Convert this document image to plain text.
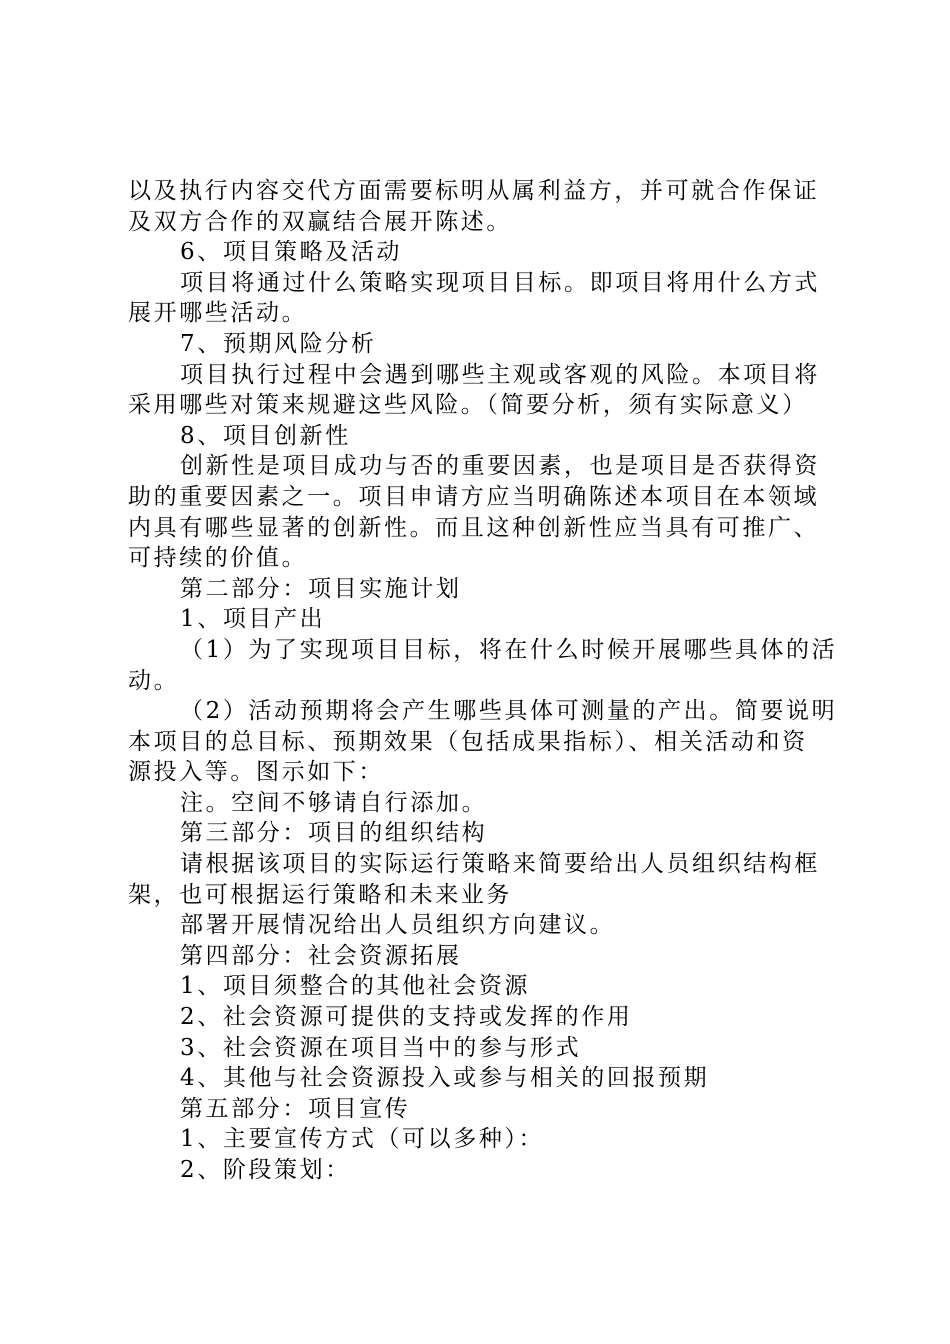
以及执行内容交代方面需要标明从属利益方，并可就合作保证
及双方合作的双赢结合展开陈述。
6、项目策略及活动
项目将通过什么策略实现项目目标。即项目将用什么方式
展开哪些活动。
7、预期风险分析
项目执行过程中会遇到哪些主观或客观的风险。本项目将
采用哪些对策来规避这些风险。（简要分析，须有实际意义）
8、项目创新性
创新性是项目成功与否的重要因素，也是项目是否获得资
助的重要因素之一。项目申请方应当明确陈述本项目在本领域
内具有哪些显著的创新性。而且这种创新性应当具有可推广、
可持续的价值。
第二部分：项目实施计划
1、项目产出
（1）为了实现项目目标，将在什么时候开展哪些具体的活
动。
（2）活动预期将会产生哪些具体可测量的产出。简要说明
本项目的总目标、预期效果（包括成果指标）、相关活动和资
源投入等。图示如下：
注。空间不够请自行添加。
第三部分：项目的组织结构
请根据该项目的实际运行策略来简要给出人员组织结构框
架，也可根据运行策略和未来业务
部署开展情况给出人员组织方向建议。
第四部分：社会资源拓展
1、项目须整合的其他社会资源
2、社会资源可提供的支持或发挥的作用
3、社会资源在项目当中的参与形式
4、其他与社会资源投入或参与相关的回报预期
第五部分：项目宣传
1、主要宣传方式（可以多种）：
2、阶段策划：
